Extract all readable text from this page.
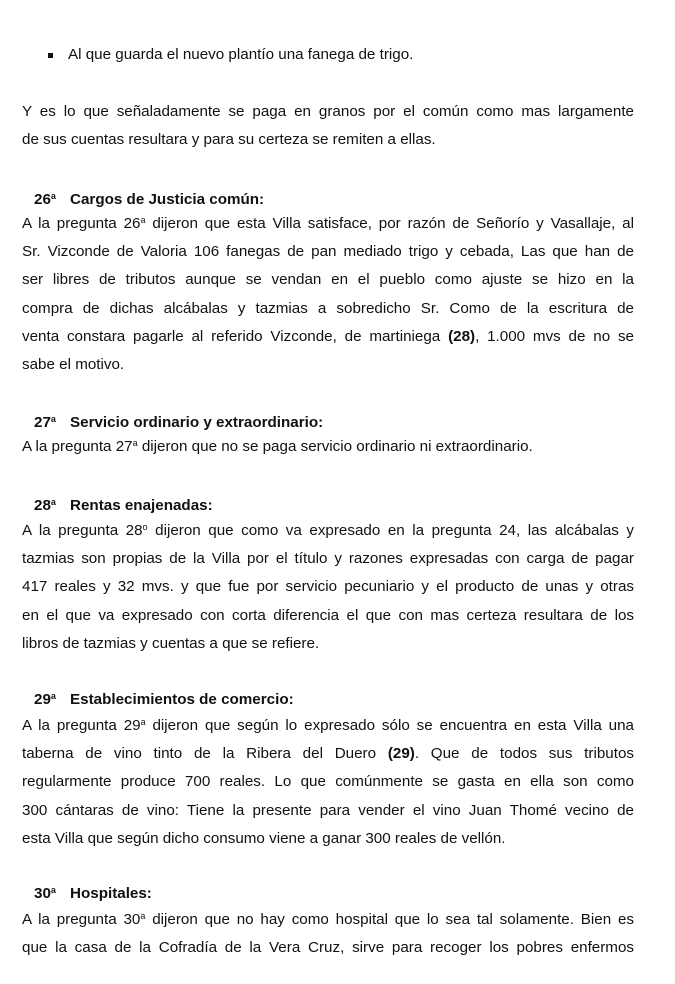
Al que guarda el nuevo plantío una fanega de trigo.
Y es lo que señaladamente se paga en granos por el común como mas largamente
de sus cuentas resultara y para su certeza se remiten a ellas.
26$^a$ Cargos de Justicia común:
A la pregunta 26$^a$ dijeron que esta Villa satisface, por razón de Señorío y Vasallaje, al
Sr. Vizconde de Valoria 106 fanegas de pan mediado trigo y cebada, Las que han de
ser libres de tributos aunque se vendan en el pueblo como ajuste se hizo en la
compra de dichas alcábalas y tazmias a sobredicho Sr. Como de la escritura de
venta constara pagarle al referido Vizconde, de martiniega (28), 1.000 mvs de no se
sabe el motivo.
27$^a$ Servicio ordinario y extraordinario:
A la pregunta 27$^a$ dijeron que no se paga servicio ordinario ni extraordinario.
28$^a$ Rentas enajenadas:
A la pregunta 28$^o$ dijeron que como va expresado en la pregunta 24, las alcábalas y
tazmias son propias de la Villa por el título y razones expresadas con carga de pagar
417 reales y 32 mvs. y que fue por servicio pecuniario y el producto de unas y otras
en el que va expresado con corta diferencia el que con mas certeza resultara de los
libros de tazmias y cuentas a que se refiere.
29$^a$ Establecimientos de comercio:
A la pregunta 29$^a$ dijeron que según lo expresado sólo se encuentra en esta Villa una
taberna de vino tinto de la Ribera del Duero (29). Que de todos sus tributos
regularmente produce 700 reales. Lo que comúnmente se gasta en ella son como
300 cántaras de vino: Tiene la presente para vender el vino Juan Thomé vecino de
esta Villa que según dicho consumo viene a ganar 300 reales de vellón.
30$^a$ Hospitales:
A la pregunta 30$^a$ dijeron que no hay como hospital que lo sea tal solamente. Bien es
que la casa de la Cofradía de la Vera Cruz, sirve para recoger los pobres enfermos
